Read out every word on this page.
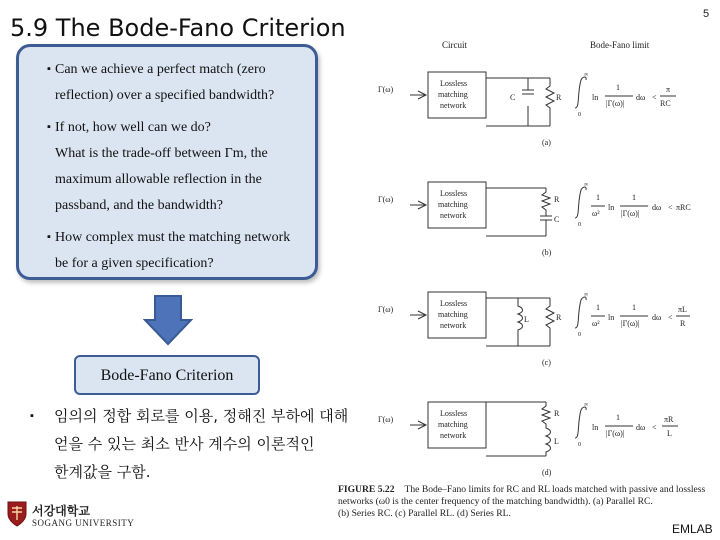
5.9 The Bode-Fano Criterion	5
▪ Can we achieve a perfect match (zero
reflection) over a specified bandwidth?
▪ If not, how well can we do?
What is the trade-off between Γm, the
maximum allowable reflection in the
passband, and the bandwidth?
▪ How complex must the matching network
be for a given specification?
Bode-Fano Criterion
▪ 임의의 정합 회로를 이용, 정해진 부하에 대해
얻을 수 있는 최소 반사 계수의 이론적인
한계값을 구함.
서강대학교
SOGANG UNIVERSITY	EMLAB
Circuit	Bode-Fano limit
Γ(ω)
Lossless
matching
network
C	R
(a)
0
∞
ln
1
|Γ(ω)|
dω <
π
RC
Γ(ω)
Lossless
matching
network
R
C
(b)
0
∞
1
ω²
ln
1
|Γ(ω)|
dω < πRC
Γ(ω)
Lossless
matching
network
L	R
(c)
0
∞
1
ω²
ln
1
|Γ(ω)|
dω <
πL
R
Γ(ω)
Lossless
matching
network
R
L
(d)
0
∞
ln
1
|Γ(ω)|
dω <
πR
L
FIGURE 5.22 The Bode–Fano limits for RC and RL loads matched with passive and lossless
networks (ω0 is the center frequency of the matching bandwidth). (a) Parallel RC.
(b) Series RC. (c) Parallel RL. (d) Series RL.
